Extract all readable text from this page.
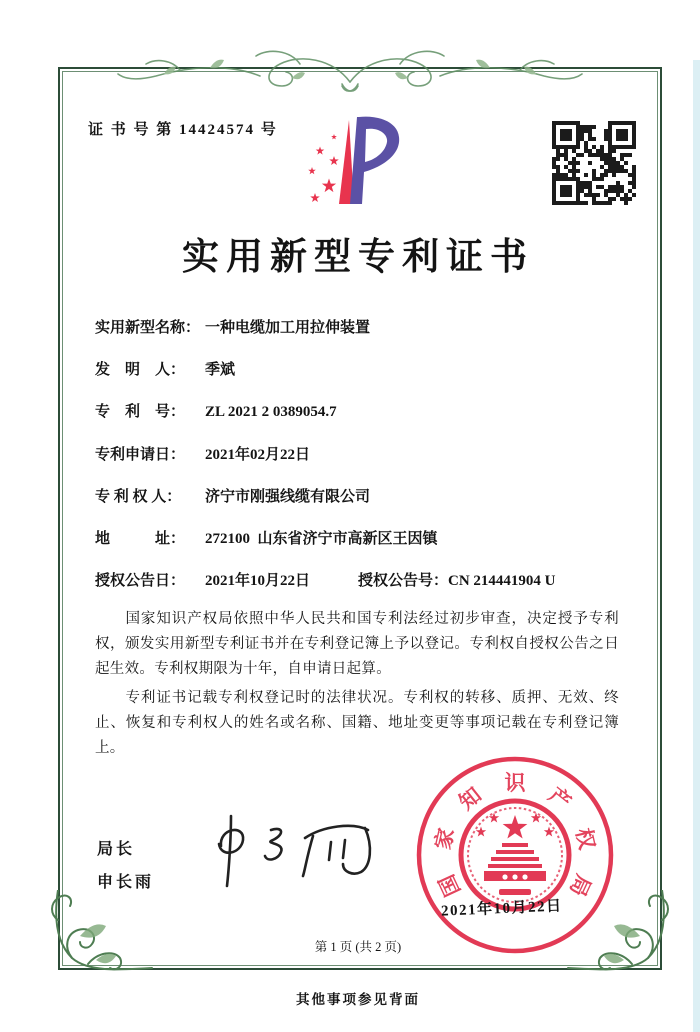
证 书 号 第 14424574 号
实用新型专利证书
实用新型名称： 一种电缆加工用拉伸装置
发　明　人： 季斌
专　利　号： ZL 2021 2 0389054.7
专利申请日： 2021年02月22日
专 利 权 人： 济宁市刚强线缆有限公司
地　　　址： 272100  山东省济宁市高新区王因镇
授权公告日： 2021年10月22日	授权公告号：CN 214441904 U

国家知识产权局依照中华人民共和国专利法经过初步审查，决定授予专利权，颁发实用新型专利证书并在专利登记簿上予以登记。专利权自授权公告之日起生效。专利权期限为十年，自申请日起算。

专利证书记载专利权登记时的法律状况。专利权的转移、质押、无效、终止、恢复和专利权人的姓名或名称、国籍、地址变更等事项记载在专利登记簿上。

局长
申长雨	国
家
知 识 产
权
局
2021年10月22日
第 1 页 (共 2 页)
其他事项参见背面
